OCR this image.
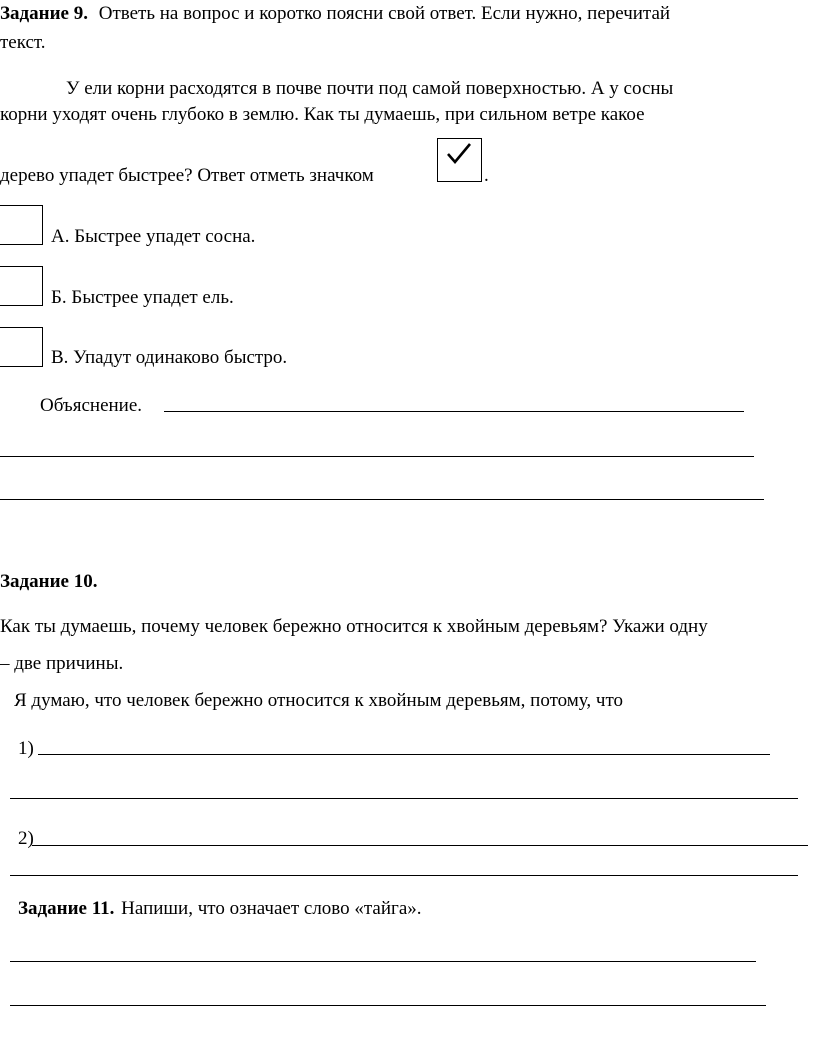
Задание 9. Ответь на вопрос и коротко поясни свой ответ. Если нужно, перечитай
текст.
У ели корни расходятся в почве почти под самой поверхностью. А у сосны
корни уходят очень глубоко в землю. Как ты думаешь, при сильном ветре какое
дерево упадет быстрее? Ответ отметь значком	.
А. Быстрее упадет сосна.
Б. Быстрее упадет ель.
В. Упадут одинаково быстро.
Объяснение.
Задание 10.
Как ты думаешь, почему человек бережно относится к хвойным деревьям? Укажи одну
– две причины.
Я думаю, что человек бережно относится к хвойным деревьям, потому, что
1)
2)
Задание 11. Напиши, что означает слово «тайга».
